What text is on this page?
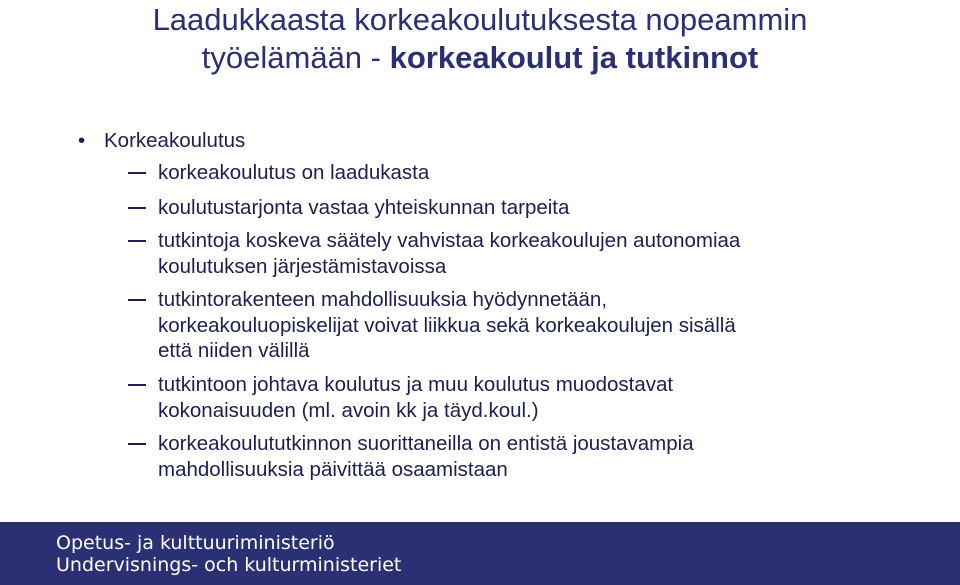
Laadukkaasta korkeakoulutuksesta nopeammin
työelämään - korkeakoulut ja tutkinnot
• Korkeakoulutus
korkeakoulutus on laadukasta
koulutustarjonta vastaa yhteiskunnan tarpeita
tutkintoja koskeva säätely vahvistaa korkeakoulujen autonomiaa
koulutuksen järjestämistavoissa
tutkintorakenteen mahdollisuuksia hyödynnetään,
korkeakouluopiskelijat voivat liikkua sekä korkeakoulujen sisällä
että niiden välillä
tutkintoon johtava koulutus ja muu koulutus muodostavat
kokonaisuuden (ml. avoin kk ja täyd.koul.)
korkeakoulututkinnon suorittaneilla on entistä joustavampia
mahdollisuuksia päivittää osaamistaan
Opetus- ja kulttuuriministeriö
Undervisnings- och kulturministeriet
